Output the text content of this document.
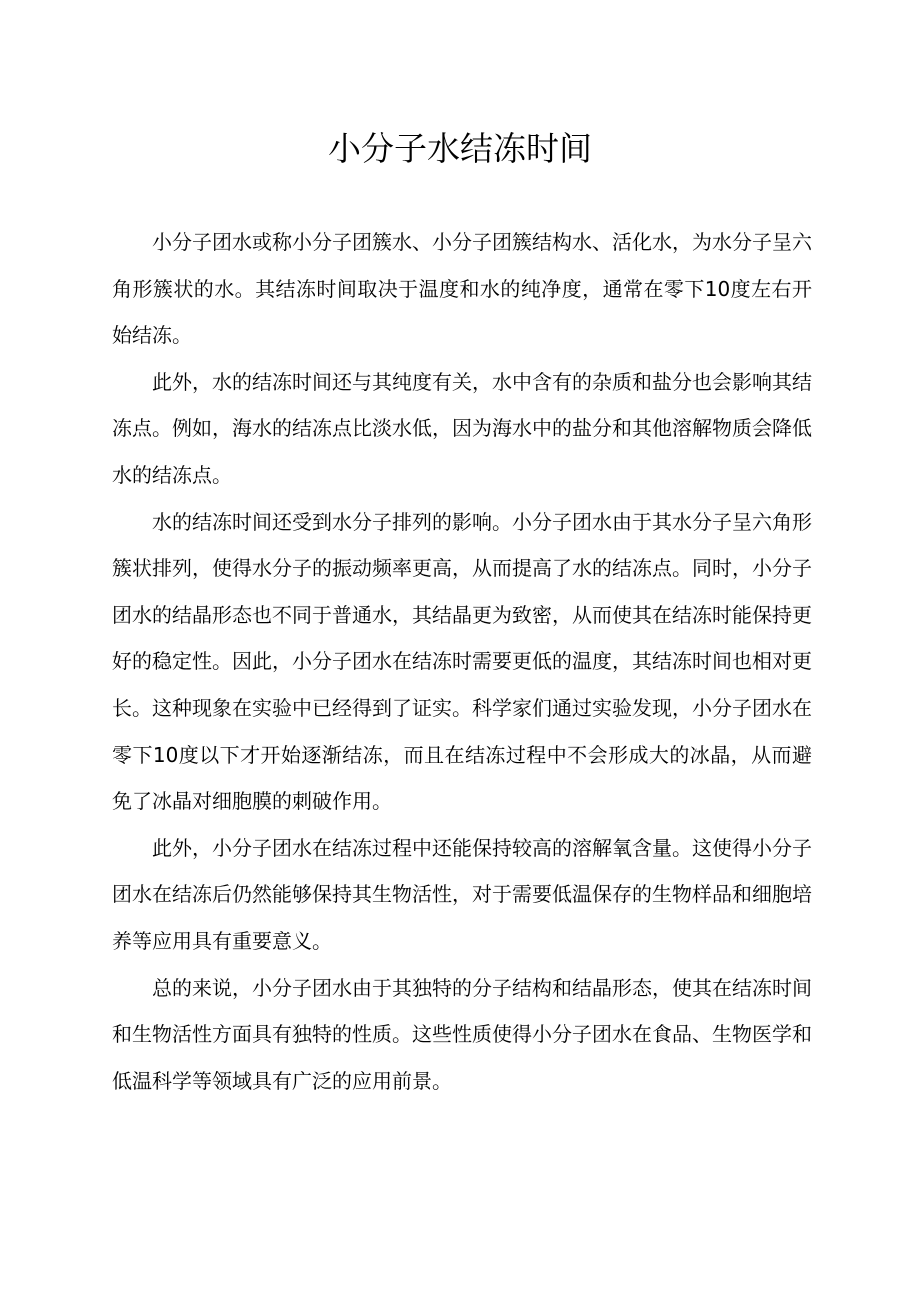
小分子水结冻时间

小分子团水或称小分子团簇水、小分子团簇结构水、活化水，为水分子呈六角形簇状的水。其结冻时间取决于温度和水的纯净度，通常在零下10度左右开始结冻。

此外，水的结冻时间还与其纯度有关，水中含有的杂质和盐分也会影响其结冻点。例如，海水的结冻点比淡水低，因为海水中的盐分和其他溶解物质会降低水的结冻点。

水的结冻时间还受到水分子排列的影响。小分子团水由于其水分子呈六角形簇状排列，使得水分子的振动频率更高，从而提高了水的结冻点。同时，小分子团水的结晶形态也不同于普通水，其结晶更为致密，从而使其在结冻时能保持更好的稳定性。因此，小分子团水在结冻时需要更低的温度，其结冻时间也相对更长。这种现象在实验中已经得到了证实。科学家们通过实验发现，小分子团水在零下10度以下才开始逐渐结冻，而且在结冻过程中不会形成大的冰晶，从而避免了冰晶对细胞膜的刺破作用。

此外，小分子团水在结冻过程中还能保持较高的溶解氧含量。这使得小分子团水在结冻后仍然能够保持其生物活性，对于需要低温保存的生物样品和细胞培养等应用具有重要意义。

总的来说，小分子团水由于其独特的分子结构和结晶形态，使其在结冻时间和生物活性方面具有独特的性质。这些性质使得小分子团水在食品、生物医学和低温科学等领域具有广泛的应用前景。
